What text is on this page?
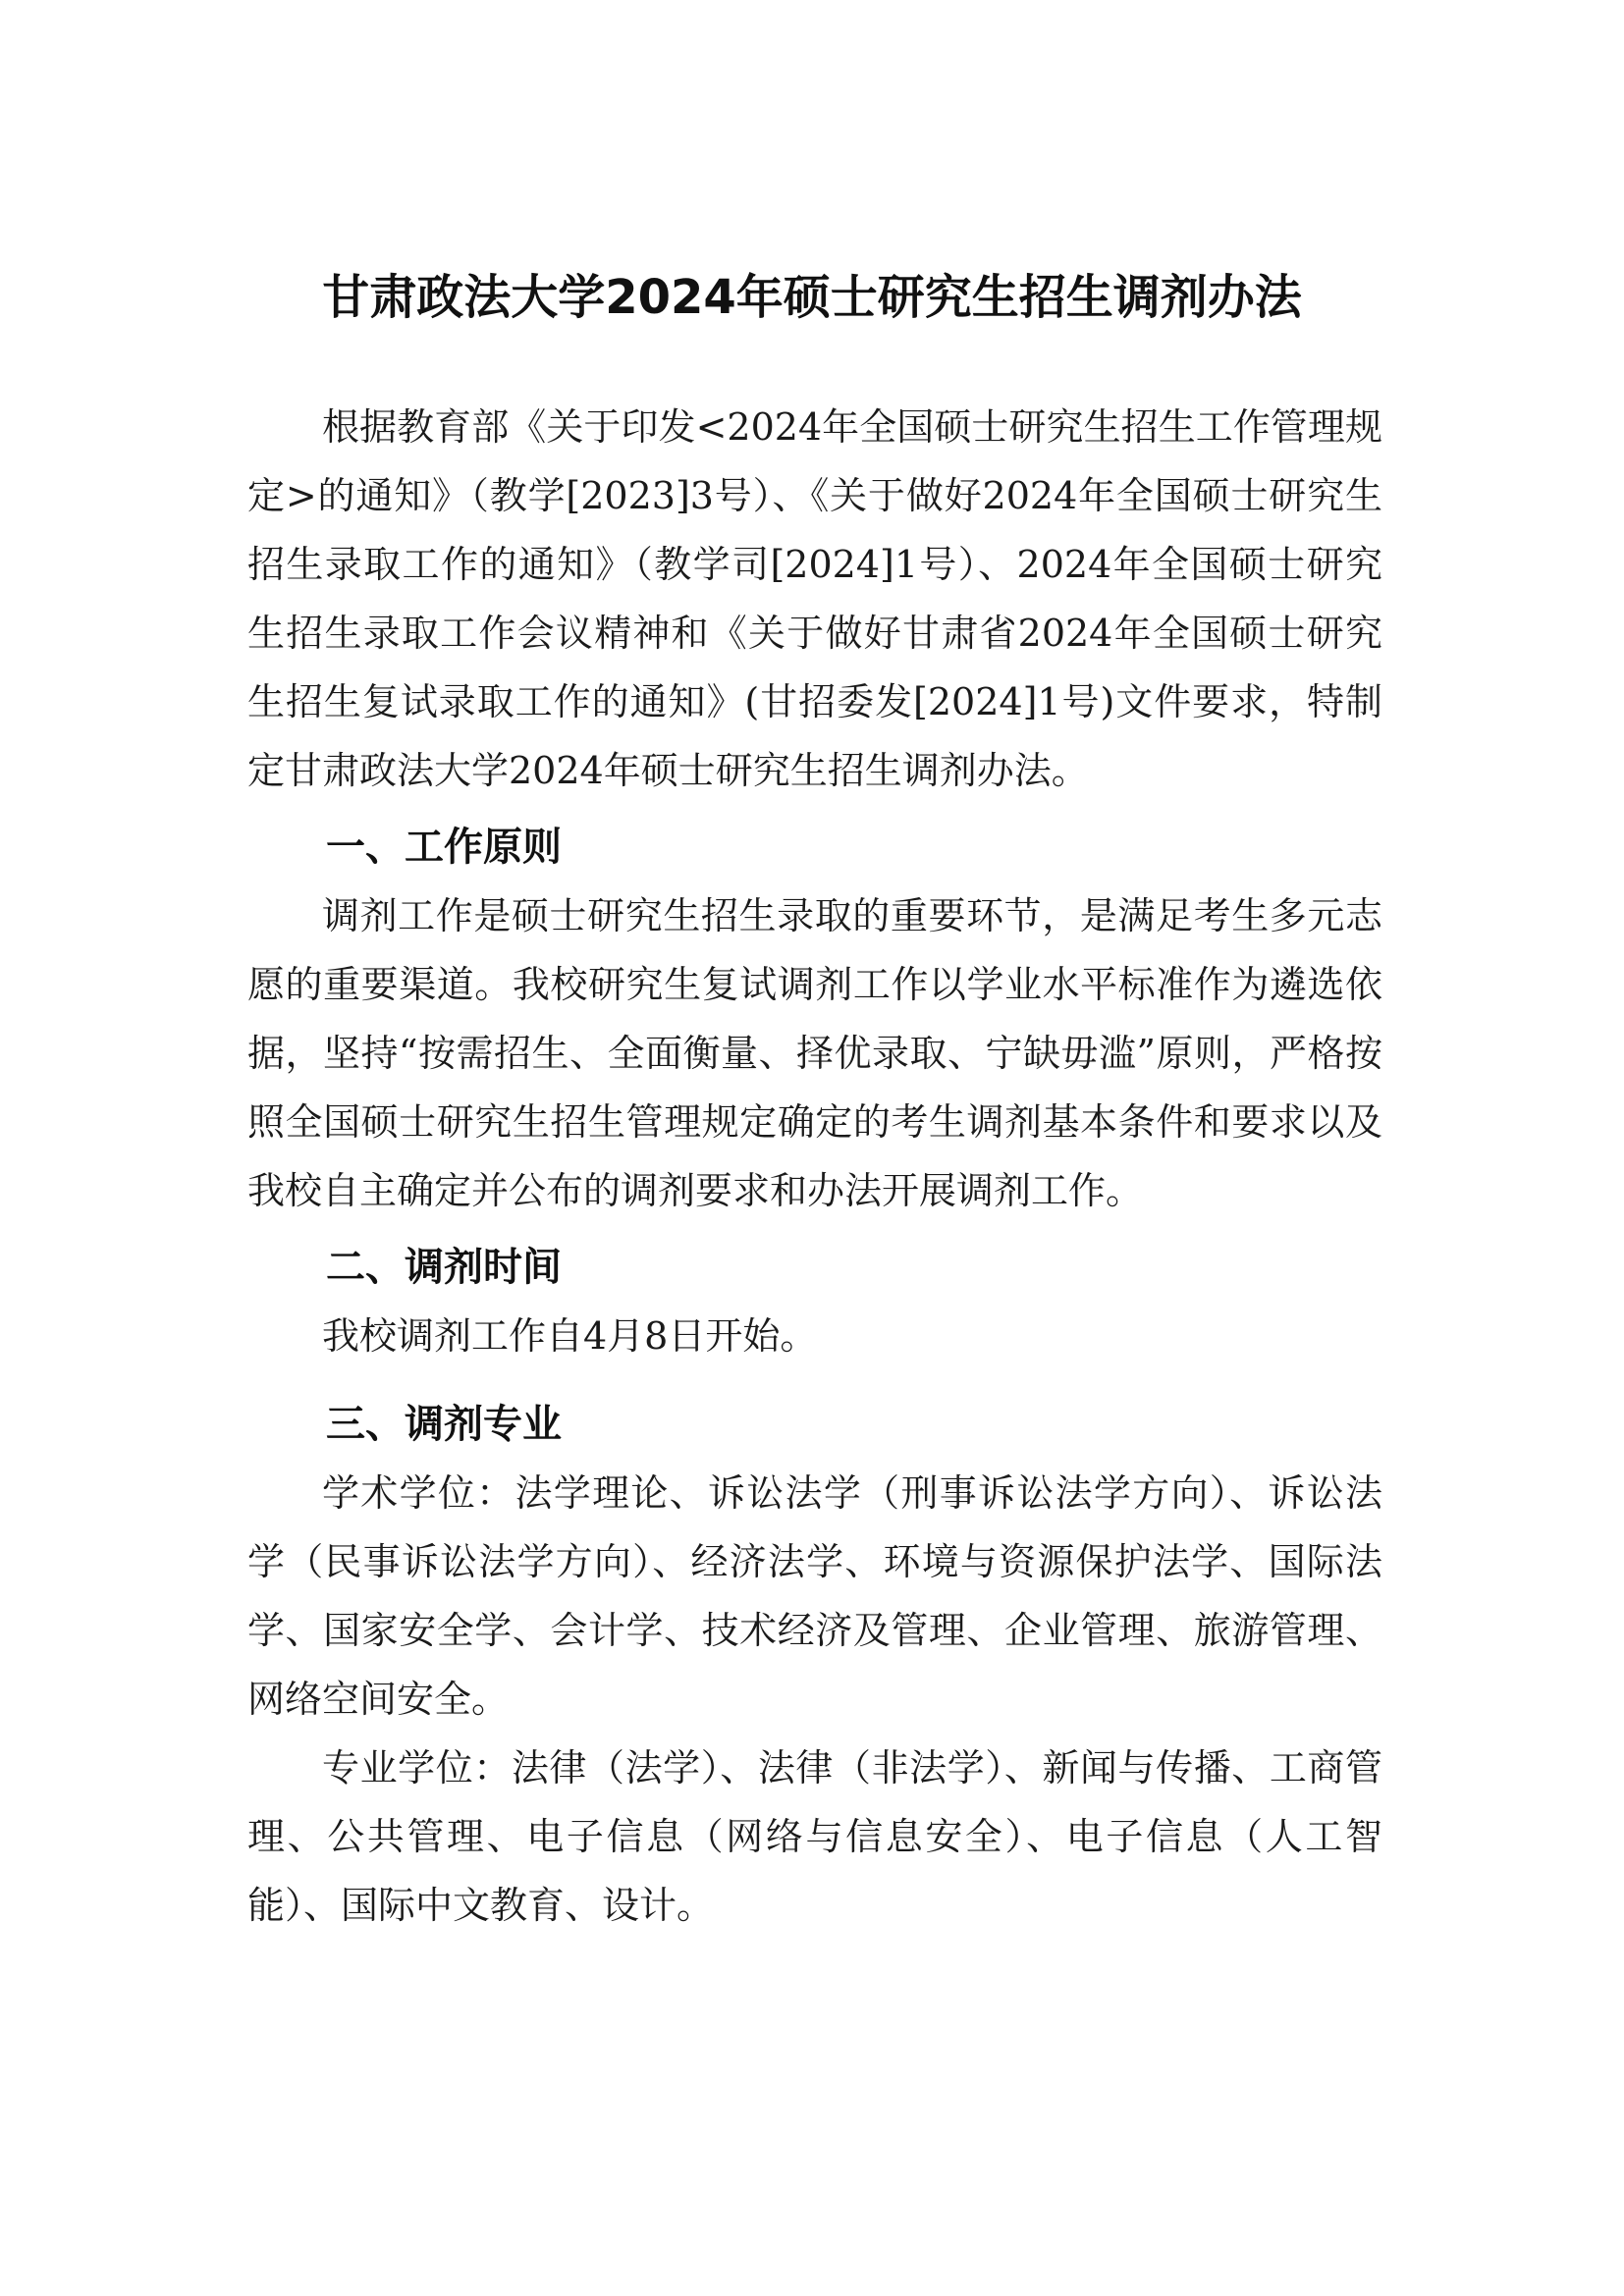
甘肃政法大学2024年硕士研究生招生调剂办法

根据教育部《关于印发<2024年全国硕士研究生招生工作管理规定>的通知》（教学[2023]3号）、《关于做好2024年全国硕士研究生招生录取工作的通知》（教学司[2024]1号）、2024年全国硕士研究生招生录取工作会议精神和《关于做好甘肃省2024年全国硕士研究生招生复试录取工作的通知》(甘招委发[2024]1号)文件要求，特制定甘肃政法大学2024年硕士研究生招生调剂办法。

一、工作原则

调剂工作是硕士研究生招生录取的重要环节，是满足考生多元志愿的重要渠道。我校研究生复试调剂工作以学业水平标准作为遴选依据，坚持“按需招生、全面衡量、择优录取、宁缺毋滥”原则，严格按照全国硕士研究生招生管理规定确定的考生调剂基本条件和要求以及我校自主确定并公布的调剂要求和办法开展调剂工作。

二、调剂时间

我校调剂工作自4月8日开始。

三、调剂专业

学术学位：法学理论、诉讼法学（刑事诉讼法学方向）、诉讼法学（民事诉讼法学方向）、经济法学、环境与资源保护法学、国际法学、国家安全学、会计学、技术经济及管理、企业管理、旅游管理、网络空间安全。

专业学位：法律（法学）、法律（非法学）、新闻与传播、工商管理、公共管理、电子信息（网络与信息安全）、电子信息（人工智能）、国际中文教育、设计。
